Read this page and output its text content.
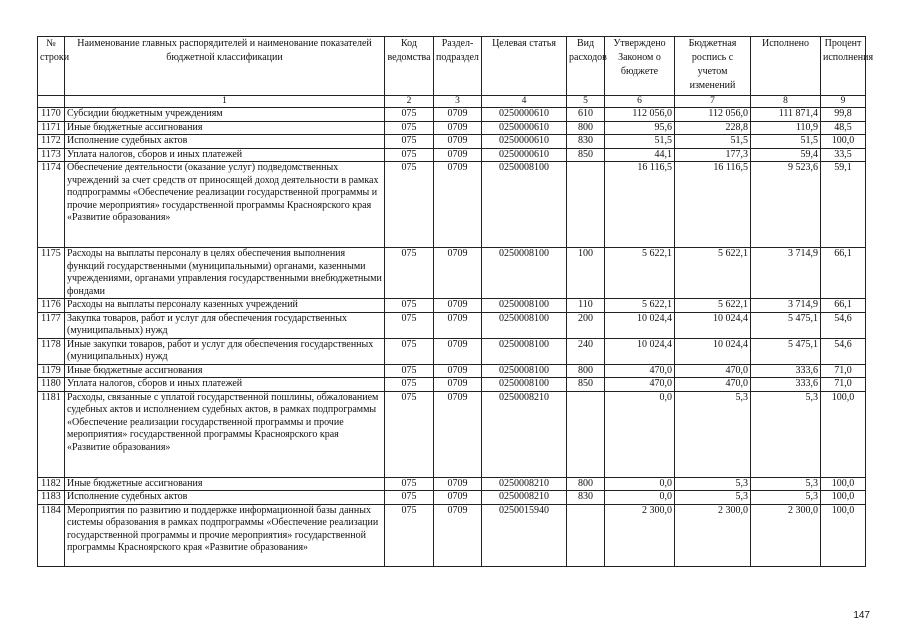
№ строки	Наименование главных распорядителей и наименование показателей бюджетной классификации	Код ведомства	Раздел-подраздел	Целевая статья	Вид расходов	Утверждено Законом о бюджете	Бюджетная роспись с учетом изменений	Исполнено	Процент исполнения
	1	2	3	4	5	6	7	8	9
1170	Субсидии бюджетным учреждениям	075	0709	0250000610	610	112 056,0	112 056,0	111 871,4	99,8
1171	Иные бюджетные ассигнования	075	0709	0250000610	800	95,6	228,8	110,9	48,5
1172	Исполнение судебных актов	075	0709	0250000610	830	51,5	51,5	51,5	100,0
1173	Уплата налогов, сборов и иных платежей	075	0709	0250000610	850	44,1	177,3	59,4	33,5
1174	Обеспечение деятельности (оказание услуг) подведомственных учреждений за счет средств от приносящей доход деятельности в рамках подпрограммы «Обеспечение реализации государственной программы и прочие мероприятия» государственной программы Красноярского края «Развитие образования»	075	0709	0250008100		16 116,5	16 116,5	9 523,6	59,1
1175	Расходы на выплаты персоналу в целях обеспечения выполнения функций государственными (муниципальными) органами, казенными учреждениями, органами управления государственными внебюджетными фондами	075	0709	0250008100	100	5 622,1	5 622,1	3 714,9	66,1
1176	Расходы на выплаты персоналу казенных учреждений	075	0709	0250008100	110	5 622,1	5 622,1	3 714,9	66,1
1177	Закупка товаров, работ и услуг для обеспечения государственных (муниципальных) нужд	075	0709	0250008100	200	10 024,4	10 024,4	5 475,1	54,6
1178	Иные закупки товаров, работ и услуг для обеспечения государственных (муниципальных) нужд	075	0709	0250008100	240	10 024,4	10 024,4	5 475,1	54,6
1179	Иные бюджетные ассигнования	075	0709	0250008100	800	470,0	470,0	333,6	71,0
1180	Уплата налогов, сборов и иных платежей	075	0709	0250008100	850	470,0	470,0	333,6	71,0
1181	Расходы, связанные с уплатой государственной пошлины, обжалованием судебных актов и исполнением судебных актов, в рамках подпрограммы «Обеспечение реализации государственной программы и прочие мероприятия» государственной программы Красноярского края «Развитие образования»	075	0709	0250008210		0,0	5,3	5,3	100,0
1182	Иные бюджетные ассигнования	075	0709	0250008210	800	0,0	5,3	5,3	100,0
1183	Исполнение судебных актов	075	0709	0250008210	830	0,0	5,3	5,3	100,0
1184	Мероприятия по развитию и поддержке информационной базы данных системы образования в рамках подпрограммы «Обеспечение реализации государственной программы и прочие мероприятия» государственной программы Красноярского края «Развитие образования»	075	0709	0250015940		2 300,0	2 300,0	2 300,0	100,0
147
